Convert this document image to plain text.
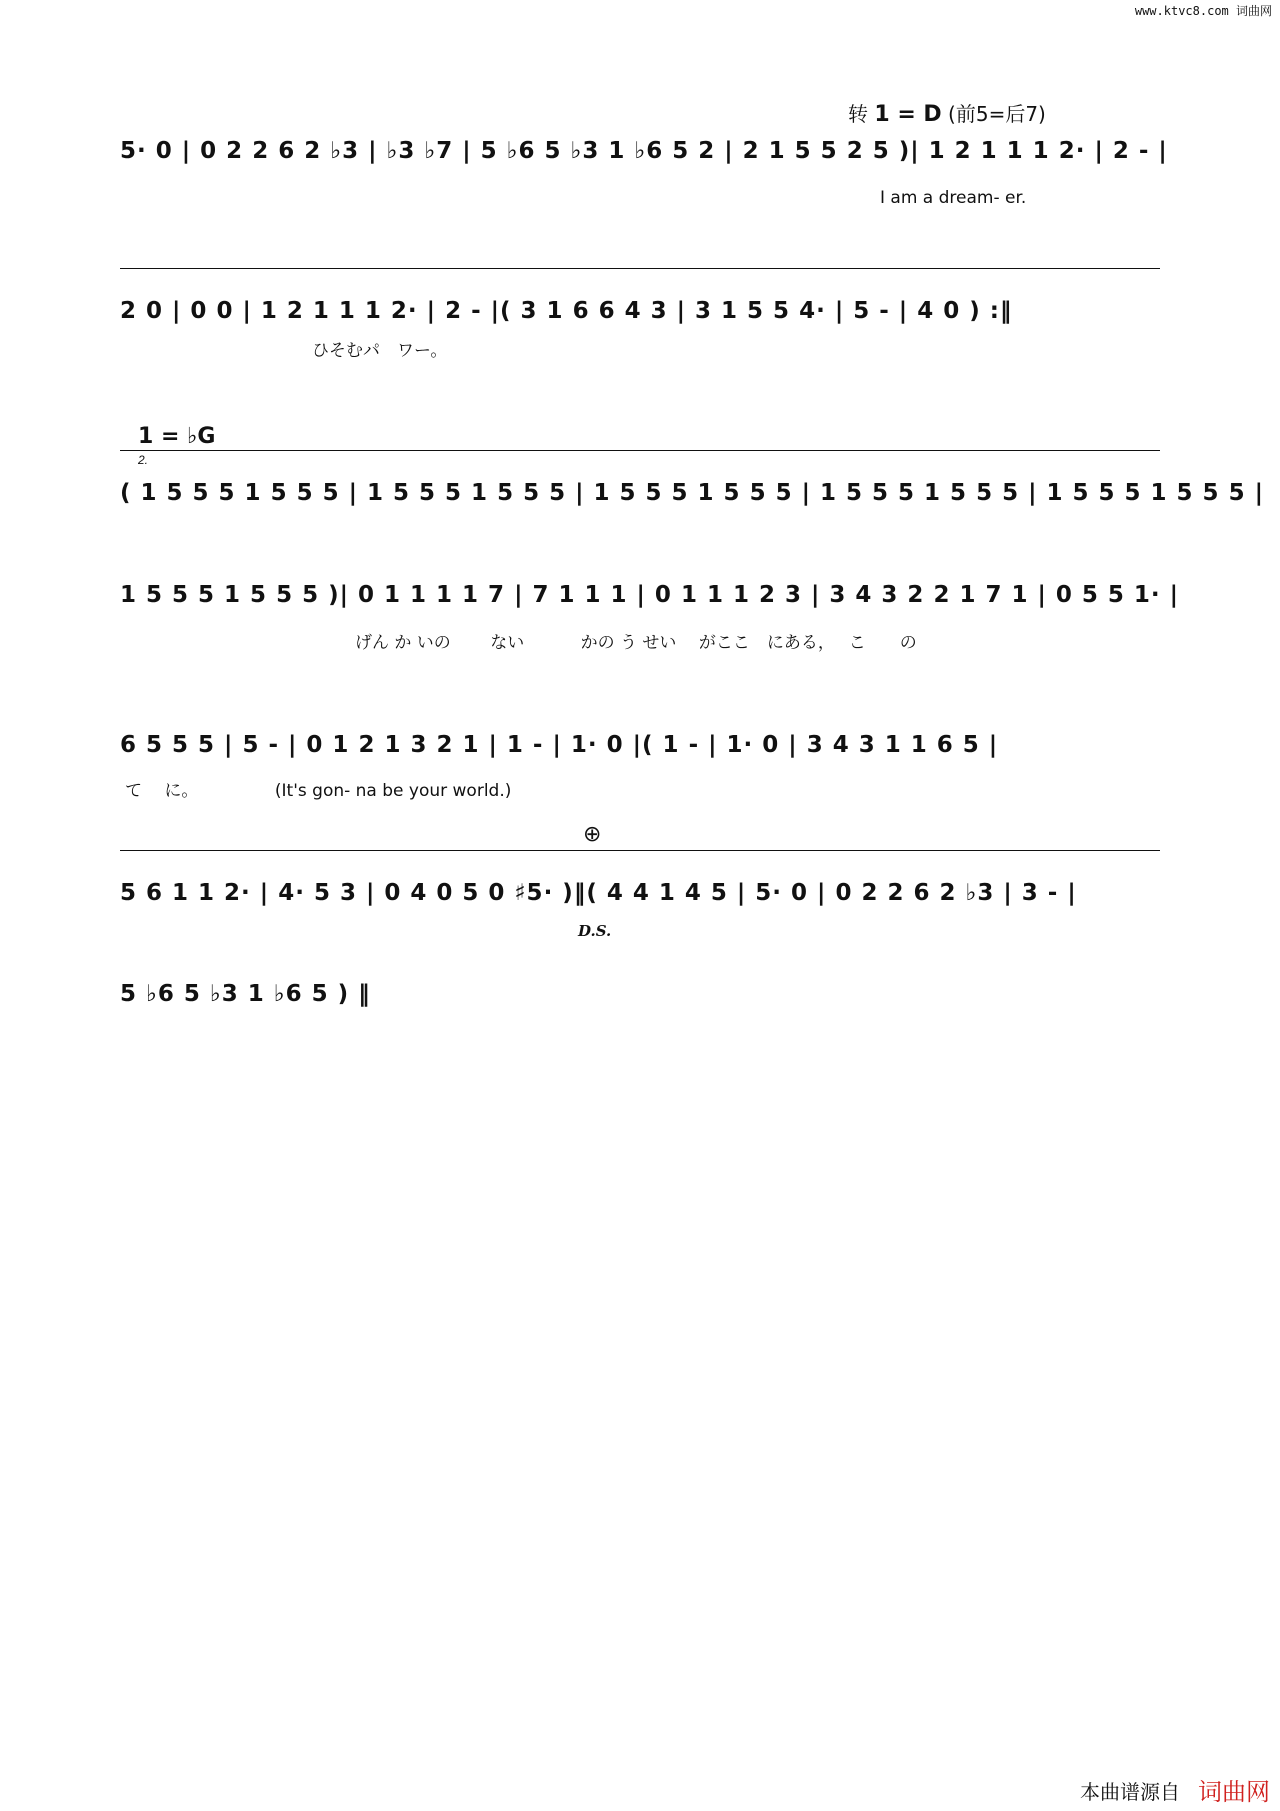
www.ktvc8.com 词曲网
转 1 = D (前5=后7)
5· 0 | 0 2 2 6 2 ♭3 | ♭3 ♭7 | 5 ♭6 5 ♭3 1 ♭6 5 2 | 2 1 5 5 2 5 )| 1 2 1 1 1 2· | 2 - |
I am a dream- er.
2 0 | 0 0 | 1 2 1 1 1 2· | 2 - |( 3 1 6 6 4 3 | 3 1 5 5 4· | 5 - | 4 0 ) :‖
ひそむパ　ワー。
1 = ♭G
2.
( 1 5 5 5 1 5 5 5 | 1 5 5 5 1 5 5 5 | 1 5 5 5 1 5 5 5 | 1 5 5 5 1 5 5 5 | 1 5 5 5 1 5 5 5 |
1 5 5 5 1 5 5 5 )| 0 1 1 1 1 7 | 7 1 1 1 | 0 1 1 1 2 3 | 3 4 3 2 2 1 7 1 | 0 5 5 1· |
げん か いの　　 ない　　　 かの う せい　 がここ　にある，　 こ　　の
6 5 5 5 | 5 - | 0 1 2 1 3 2 1 | 1 - | 1· 0 |( 1 - | 1· 0 | 3 4 3 1 1 6 5 |
て　 に。　　　　　(It's gon- na be your world.)
⊕
5 6 1 1 2· | 4· 5 3 | 0 4 0 5 0 ♯5· )‖( 4 4 1 4 5 | 5· 0 | 0 2 2 6 2 ♭3 | 3 - |
D.S.
5 ♭6 5 ♭3 1 ♭6 5 ) ‖
本曲谱源自 词曲网
